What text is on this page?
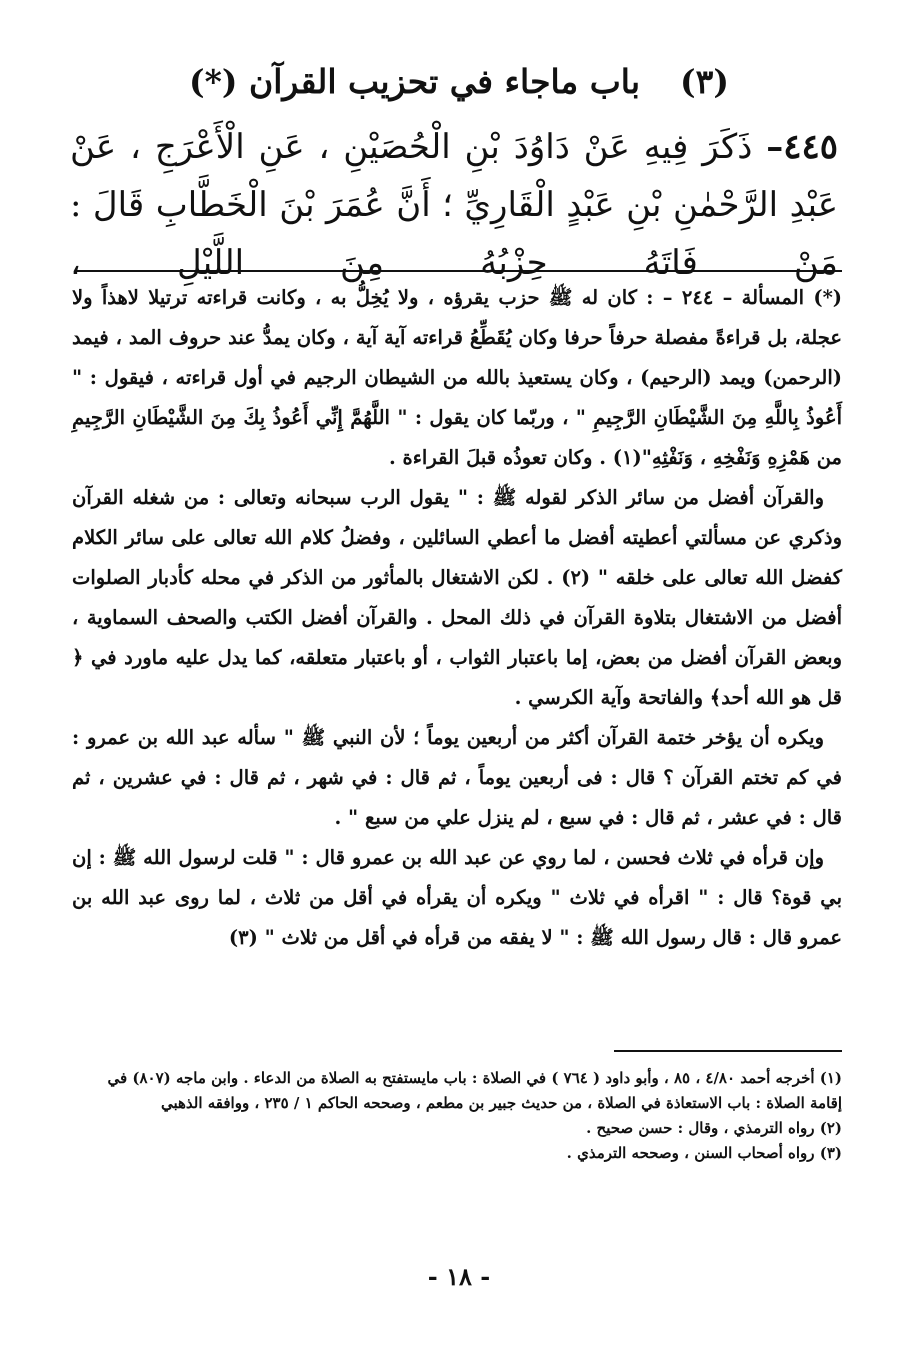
(٣)باب ماجاء في تحزيب القرآن (*)
٤٤٥– ذَكَرَ فِيهِ عَنْ دَاوُدَ بْنِ الْحُصَيْنِ ، عَنِ الْأَعْرَجِ ، عَنْ عَبْدِ الرَّحْمٰنِ بْنِ عَبْدٍ الْقَارِيِّ ؛ أَنَّ عُمَرَ بْنَ الْخَطَّابِ قَالَ : مَنْ فَاتَهُ حِزْبُهُ مِنَ اللَّيْلِ ،

(*) المسألة – ٢٤٤ – : كان له ﷺ حزب يقرؤه ، ولا يُخِلُّ به ، وكانت قراءته ترتيلا لاهذاً ولا عجلة، بل قراءةً مفصلة حرفاً حرفا وكان يُقَطِّعُ قراءته آية آية ، وكان يمدُّ عند حروف المد ، فيمد (الرحمن) ويمد (الرحيم) ، وكان يستعيذ بالله من الشيطان الرجيم في أول قراءته ، فيقول : " أَعُوذُ بِاللَّهِ مِنَ الشَّيْطَانِ الرَّجِيمِ " ، وربّما كان يقول : " اللَّهُمَّ إِنِّي أَعُوذُ بِكَ مِنَ الشَّيْطَانِ الرَّجِيمِ من هَمْزِهِ وَنَفْخِهِ ، وَنَفْثِهِ"(١) . وكان تعوذُه قبلَ القراءة .

والقرآن أفضل من سائر الذكر لقوله ﷺ : " يقول الرب سبحانه وتعالى : من شغله القرآن وذكري عن مسألتي أعطيته أفضل ما أعطي السائلين ، وفضلُ كلام الله تعالى على سائر الكلام كفضل الله تعالى على خلقه " (٢) . لكن الاشتغال بالمأثور من الذكر في محله كأدبار الصلوات أفضل من الاشتغال بتلاوة القرآن في ذلك المحل . والقرآن أفضل الكتب والصحف السماوية ، وبعض القرآن أفضل من بعض، إما باعتبار الثواب ، أو باعتبار متعلقه، كما يدل عليه ماورد في ﴿ قل هو الله أحد﴾ والفاتحة وآية الكرسي .

ويكره أن يؤخر ختمة القرآن أكثر من أربعين يوماً ؛ لأن النبي ﷺ " سأله عبد الله بن عمرو : في كم تختم القرآن ؟ قال : فى أربعين يوماً ، ثم قال : في شهر ، ثم قال : في عشرين ، ثم قال : في عشر ، ثم قال : في سبع ، لم ينزل علي من سبع " .

وإن قرأه في ثلاث فحسن ، لما روي عن عبد الله بن عمرو قال : " قلت لرسول الله ﷺ : إن بي قوة؟ قال : " اقرأه في ثلاث " ويكره أن يقرأه في أقل من ثلاث ، لما روى عبد الله بن عمرو قال : قال رسول الله ﷺ : " لا يفقه من قرأه في أقل من ثلاث " (٣)

(١) أخرجه أحمد ٤/٨٠ ، ٨٥ ، وأبو داود ( ٧٦٤ ) في الصلاة : باب مايستفتح به الصلاة من الدعاء . وابن ماجه (٨٠٧) في إقامة الصلاة : باب الاستعاذة في الصلاة ، من حديث جبير بن مطعم ، وصححه الحاكم ١ / ٢٣٥ ، ووافقه الذهبي

(٢) رواه الترمذي ، وقال : حسن صحيح .

(٣) رواه أصحاب السنن ، وصححه الترمذي .

- ١٨ -
